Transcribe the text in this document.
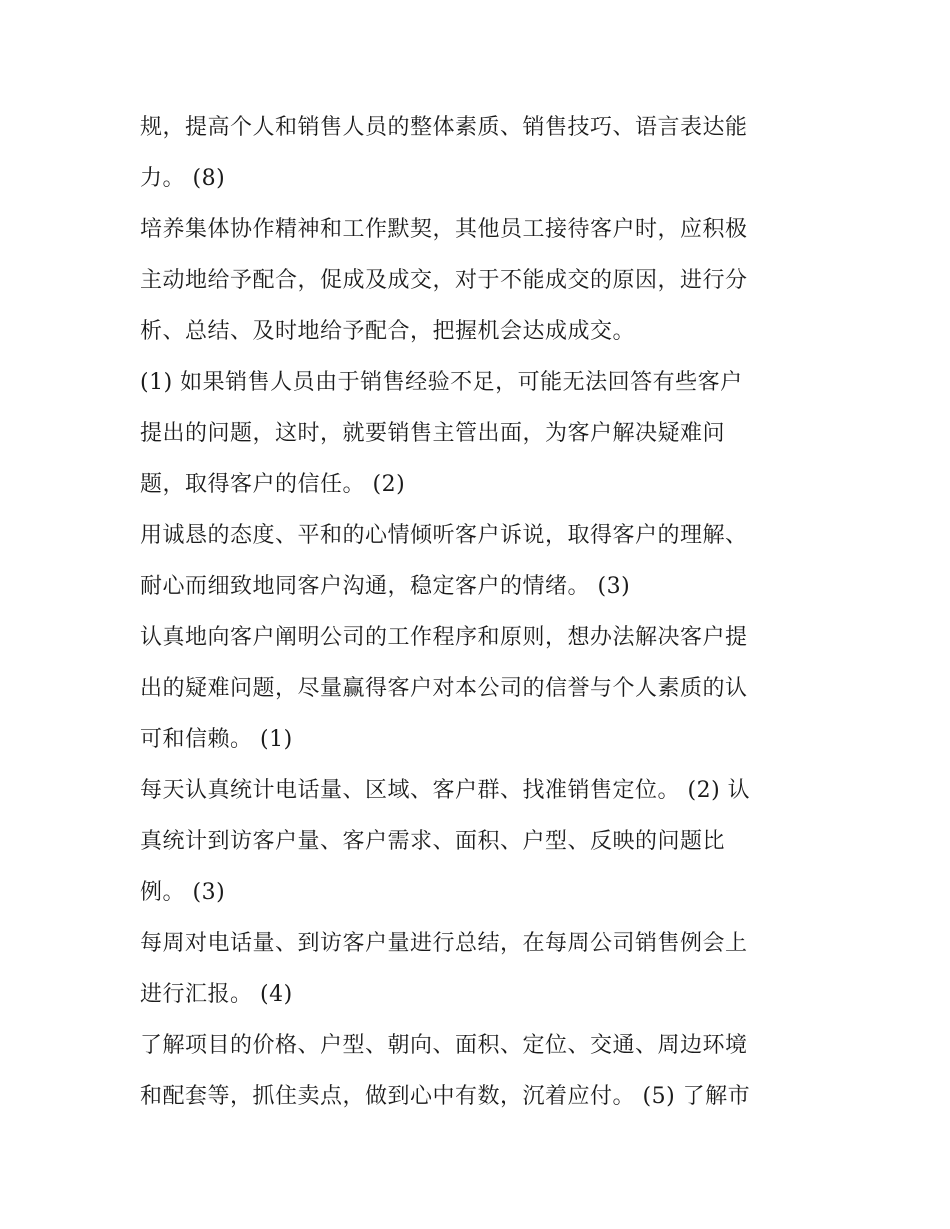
规，提高个人和销售人员的整体素质、销售技巧、语言表达能
力。 (8)
培养集体协作精神和工作默契，其他员工接待客户时，应积极
主动地给予配合，促成及成交，对于不能成交的原因，进行分
析、总结、及时地给予配合，把握机会达成成交。
(1) 如果销售人员由于销售经验不足，可能无法回答有些客户
提出的问题，这时，就要销售主管出面，为客户解决疑难问
题，取得客户的信任。 (2)
用诚恳的态度、平和的心情倾听客户诉说，取得客户的理解、
耐心而细致地同客户沟通，稳定客户的情绪。 (3)
认真地向客户阐明公司的工作程序和原则，想办法解决客户提
出的疑难问题，尽量赢得客户对本公司的信誉与个人素质的认
可和信赖。 (1)
每天认真统计电话量、区域、客户群、找准销售定位。 (2) 认
真统计到访客户量、客户需求、面积、户型、反映的问题比
例。 (3)
每周对电话量、到访客户量进行总结，在每周公司销售例会上
进行汇报。 (4)
了解项目的价格、户型、朝向、面积、定位、交通、周边环境
和配套等，抓住卖点，做到心中有数，沉着应付。 (5) 了解市
